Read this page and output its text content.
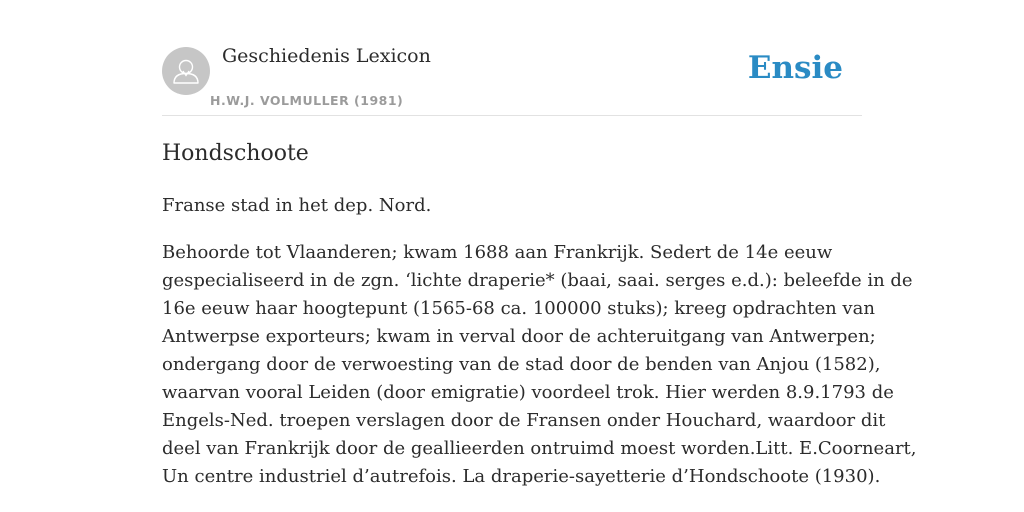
Geschiedenis Lexicon
H.W.J. VOLMULLER (1981)
Ensie
Hondschoote

Franse stad in het dep. Nord.

Behoorde tot Vlaanderen; kwam 1688 aan Frankrijk. Sedert de 14e eeuw
gespecialiseerd in de zgn. ‘lichte draperie* (baai, saai. serges e.d.): beleefde in de
16e eeuw haar hoogtepunt (1565-68 ca. 100000 stuks); kreeg opdrachten van
Antwerpse exporteurs; kwam in verval door de achteruitgang van Antwerpen;
ondergang door de verwoesting van de stad door de benden van Anjou (1582),
waarvan vooral Leiden (door emigratie) voordeel trok. Hier werden 8.9.1793 de
Engels-Ned. troepen verslagen door de Fransen onder Houchard, waardoor dit
deel van Frankrijk door de geallieerden ontruimd moest worden.Litt. E.Coorneart,
Un centre industriel d’autrefois. La draperie-sayetterie d’Hondschoote (1930).
